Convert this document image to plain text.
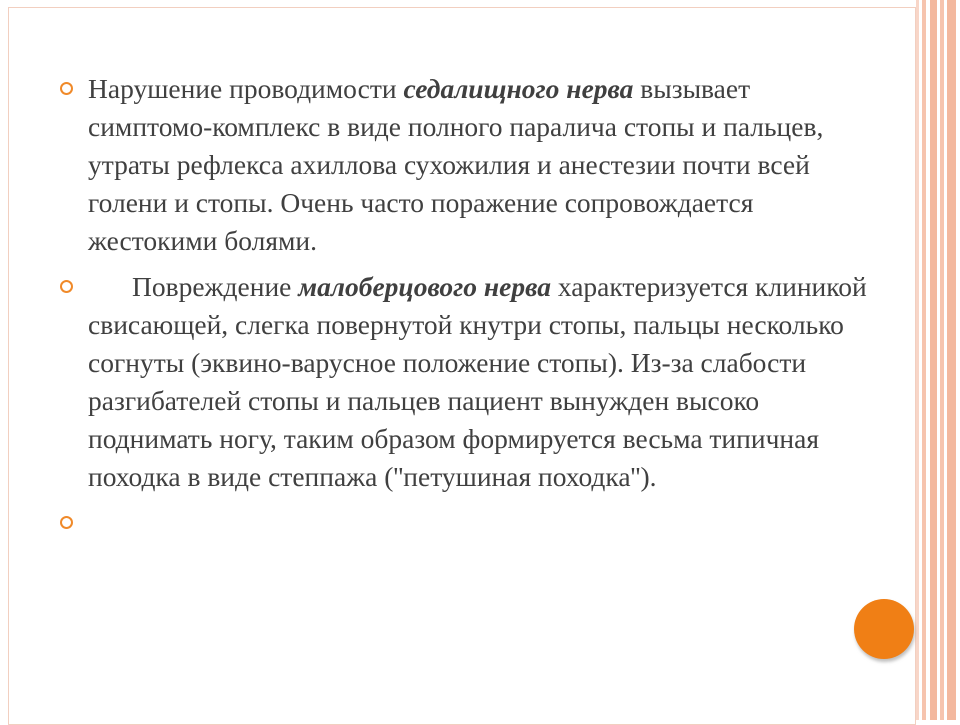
Нарушение проводимости седалищного нерва вызывает симптомо-комплекс в виде полного паралича стопы и пальцев, утраты рефлекса ахиллова сухожилия и анестезии почти всей голени и стопы. Очень часто поражение сопровождается жестокими болями.
Повреждение малоберцового нерва характеризуется клиникой свисающей, слегка повернутой кнутри стопы, пальцы несколько согнуты (эквино-варусное положение стопы). Из-за слабости разгибателей стопы и пальцев пациент вынужден высоко поднимать ногу, таким образом формируется весьма типичная походка в виде степпажа (''петушиная походка'').
